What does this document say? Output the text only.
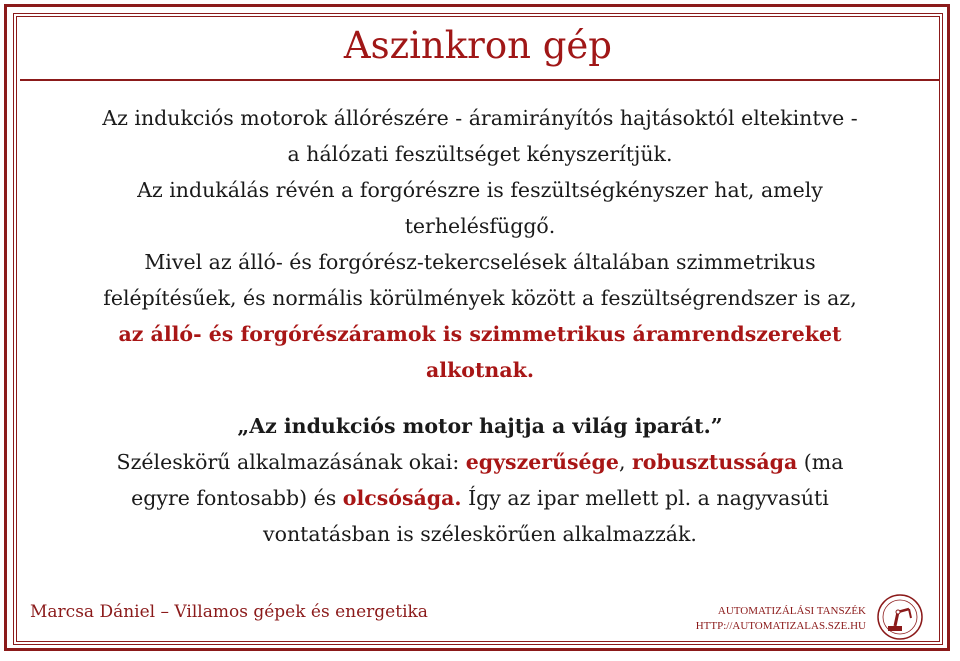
Aszinkron gép

Az indukciós motorok állórészére - áramirányítós hajtásoktól eltekintve -

a hálózati feszültséget kényszerítjük.

Az indukálás révén a forgórészre is feszültségkényszer hat, amely

terhelésfüggő.

Mivel az álló- és forgórész-tekercselések általában szimmetrikus

felépítésűek, és normális körülmények között a feszültségrendszer is az,

az álló- és forgórészáramok is szimmetrikus áramrendszereket

alkotnak.

„Az indukciós motor hajtja a világ iparát.”

Széleskörű alkalmazásának okai: egyszerűsége, robusztussága (ma

egyre fontosabb) és olcsósága. Így az ipar mellett pl. a nagyvasúti

vontatásban is széleskörűen alkalmazzák.

Marcsa Dániel – Villamos gépek és energetika	AUTOMATIZÁLÁSI TANSZÉK
HTTP://AUTOMATIZALAS.SZE.HU
